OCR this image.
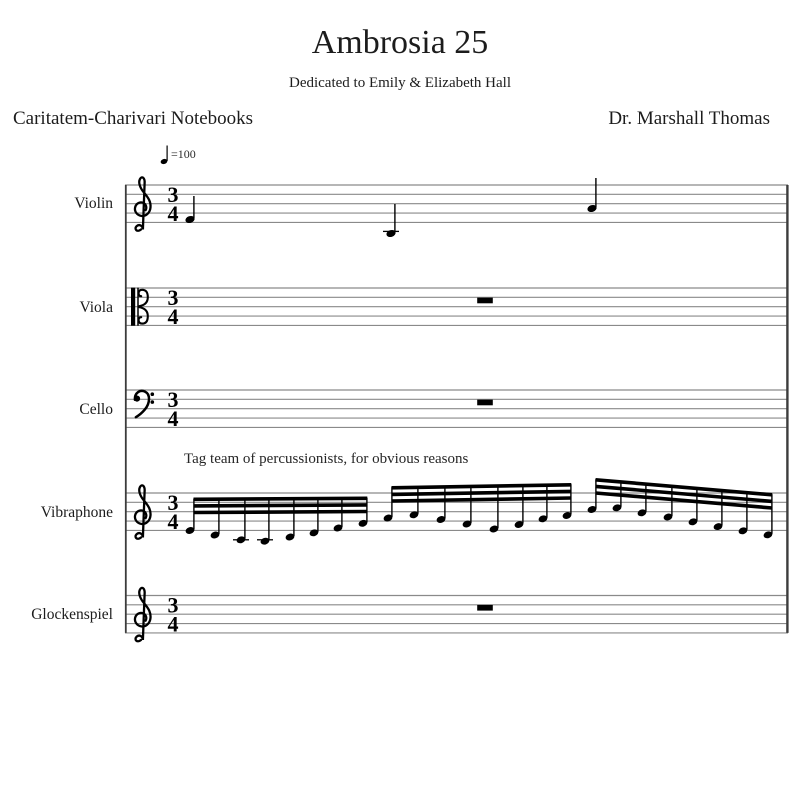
Ambrosia 25
Dedicated to Emily & Elizabeth Hall
Caritatem-Charivari Notebooks	Dr. Marshall Thomas
=100
Violin
Viola
Cello
Vibraphone
Glockenspiel
Tag team of percussionists, for obvious reasons
3
4
3
4
3
4
3
4
3
4
